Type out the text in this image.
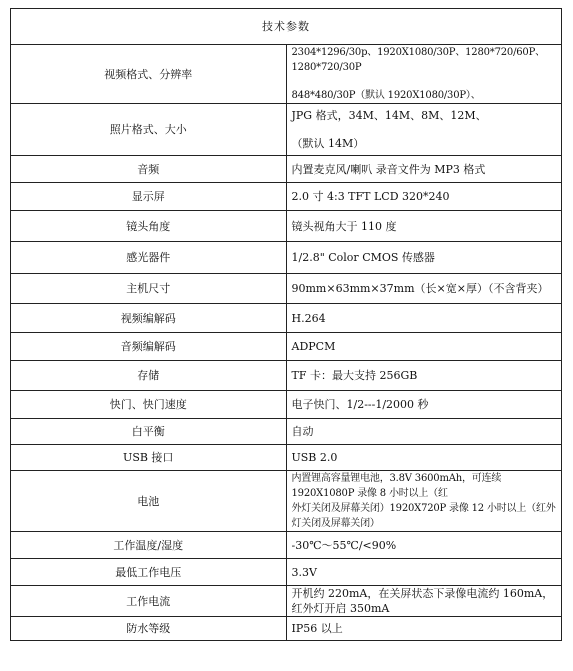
技术参数	
视频格式、分辨率	2304*1296/30p、1920X1080/30P、1280*720/60P、1280*720/30P
848*480/30P（默认 1920X1080/30P）、

照片格式、大小	JPG 格式，34M、14M、8M、12M、
（默认 14M）

音频	内置麦克风/喇叭 录音文件为 MP3 格式
显示屏	2.0 寸 4:3 TFT LCD 320*240
镜头角度	镜头视角大于 110 度
感光器件	1/2.8" Color CMOS 传感器
主机尺寸	90mm×63mm×37mm（长×宽×厚）（不含背夹）
视频编解码	H.264
音频编解码	ADPCM
存储	TF 卡：最大支持 256GB
快门、快门速度	电子快门、1/2---1/2000 秒
白平衡	自动
USB 接口	USB 2.0
电池	内置锂高容量锂电池，3.8V 3600mAh，可连续 1920X1080P 录像 8 小时以上（红
外灯关闭及屏幕关闭）1920X720P 录像 12 小时以上（红外灯关闭及屏幕关闭）

工作温度/湿度	-30℃～55℃/<90%
最低工作电压	3.3V
工作电流	开机约 220mA，在关屏状态下录像电流约 160mA，红外灯开启 350mA
防水等级	IP56 以上
